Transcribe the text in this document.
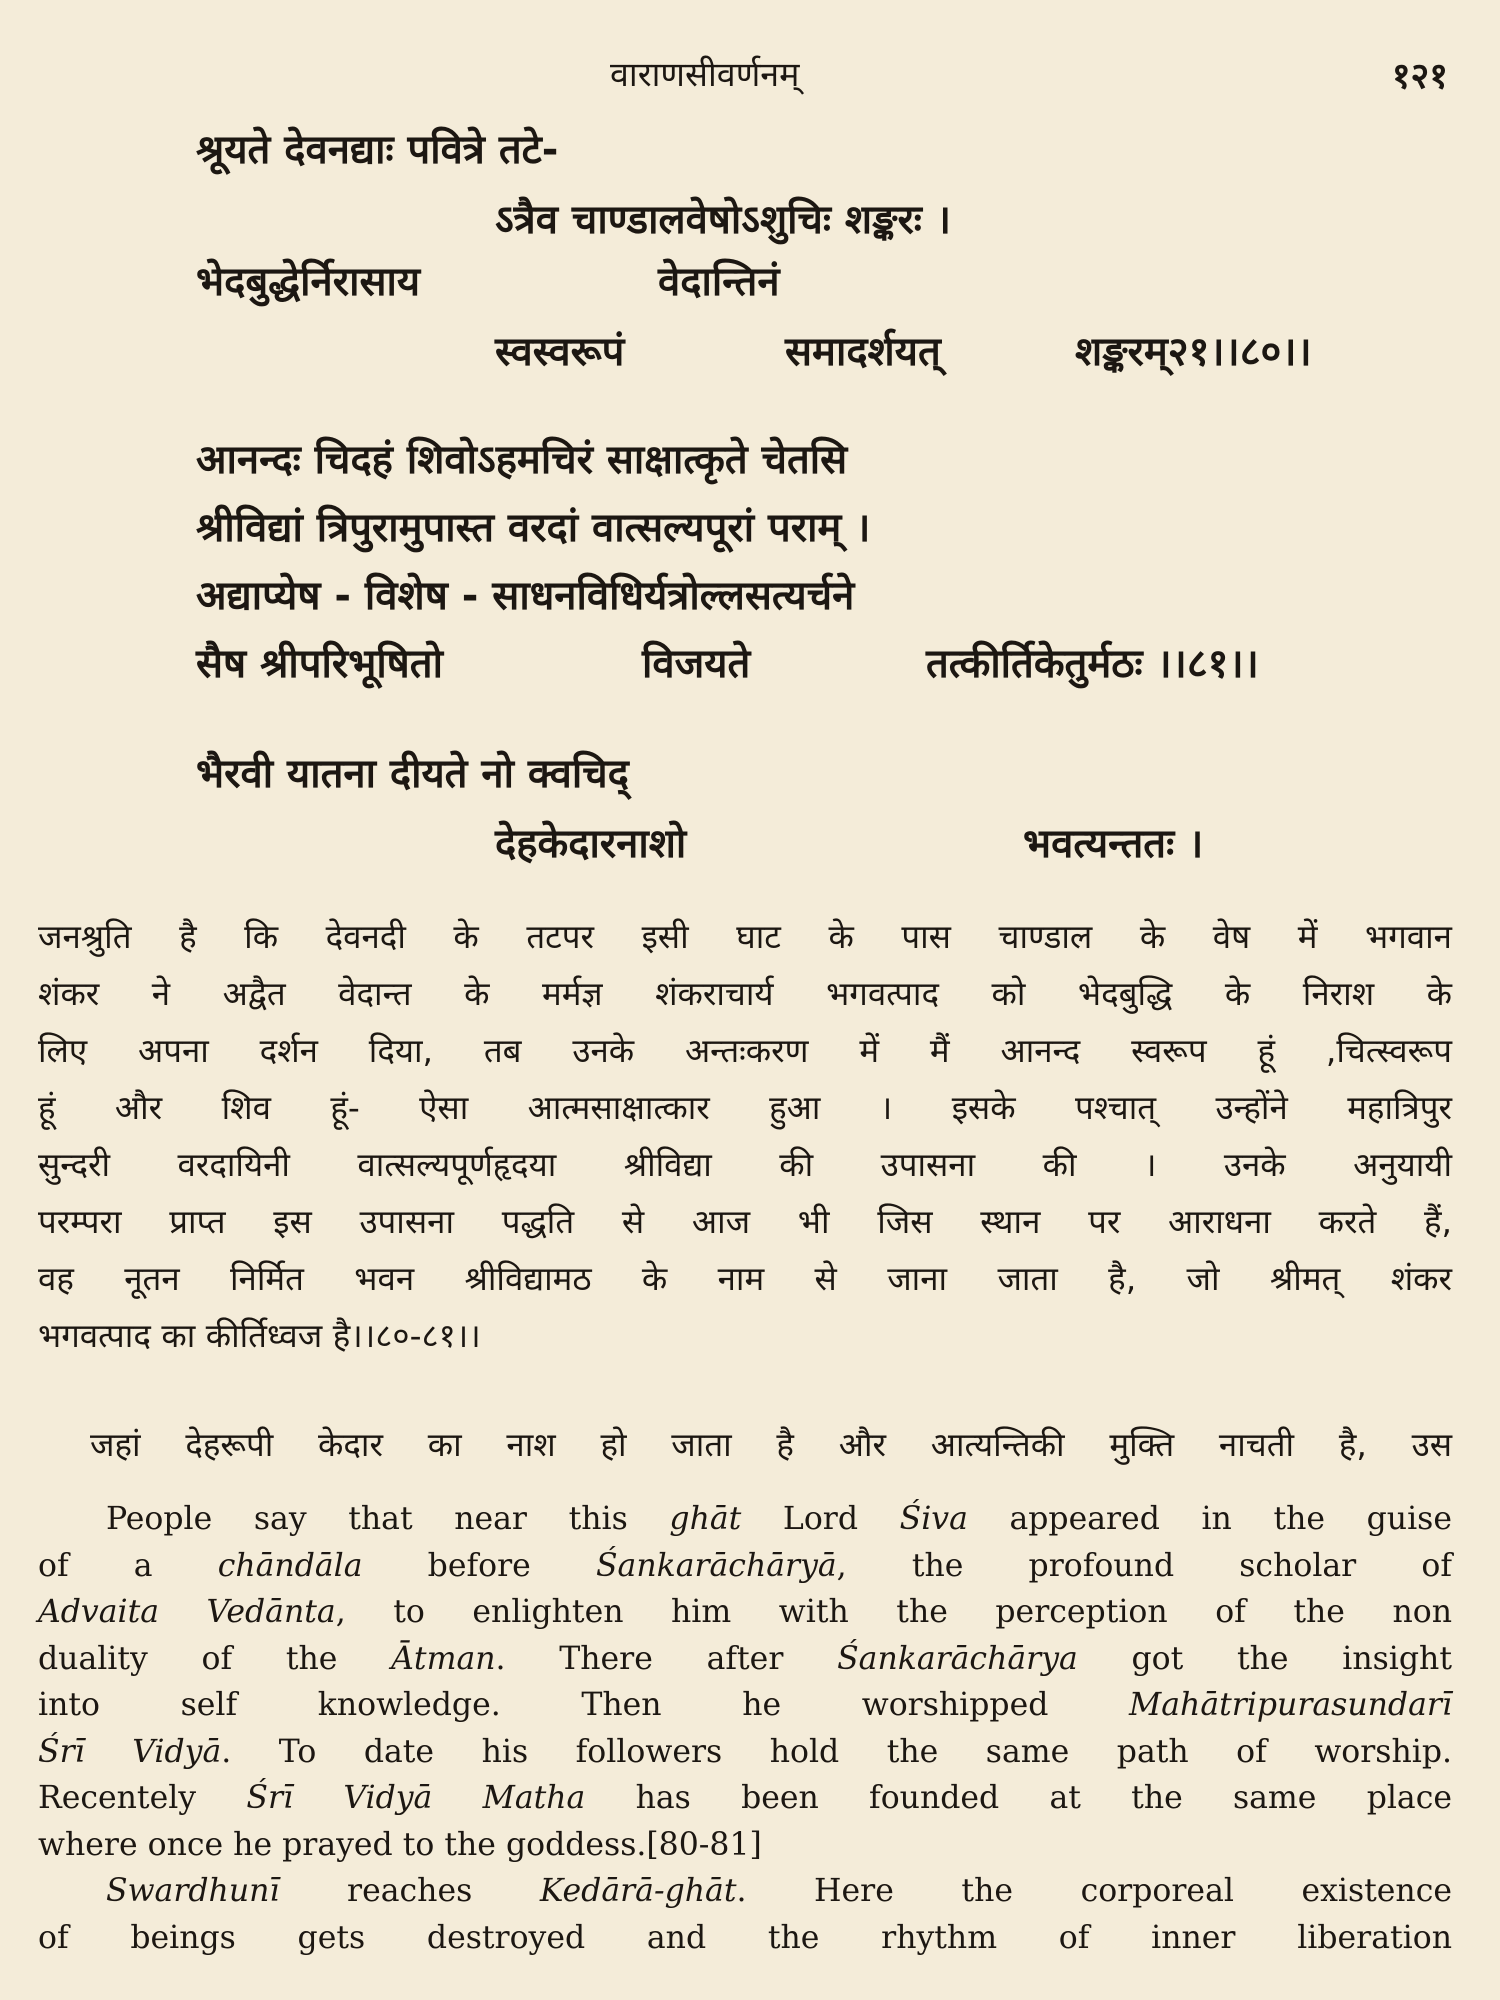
वाराणसीवर्णनम्	१२१
श्रूयते देवनद्याः पवित्रे तटे-
ऽत्रैव चाण्डालवेषोऽशुचिः शङ्करः ।
भेदबुद्धेर्निरासाय	वेदान्तिनं
स्वस्वरूपं	समादर्शयत्	शङ्करम्२१।।८०।।
आनन्दः चिदहं शिवोऽहमचिरं साक्षात्कृते चेतसि
श्रीविद्यां त्रिपुरामुपास्त वरदां वात्सल्यपूरां पराम् ।
अद्याप्येष - विशेष - साधनविधिर्यत्रोल्लसत्यर्चने
सैष श्रीपरिभूषितो	विजयते	तत्कीर्तिकेतुर्मठः ।।८१।।
भैरवी यातना दीयते नो क्वचिद्
देहकेदारनाशो	भवत्यन्ततः ।
जनश्रुति है कि देवनदी के तटपर इसी घाट के पास चाण्डाल के वेष में भगवान
शंकर ने अद्वैत वेदान्त के मर्मज्ञ शंकराचार्य भगवत्पाद को भेदबुद्धि के निराश के
लिए अपना दर्शन दिया, तब उनके अन्तःकरण में मैं आनन्द स्वरूप हूं ,चित्स्वरूप
हूं और शिव हूं- ऐसा आत्मसाक्षात्कार हुआ । इसके पश्चात् उन्होंने महात्रिपुर
सुन्दरी वरदायिनी वात्सल्यपूर्णहृदया श्रीविद्या की उपासना की । उनके अनुयायी
परम्परा प्राप्त इस उपासना पद्धति से आज भी जिस स्थान पर आराधना करते हैं,
वह नूतन निर्मित भवन श्रीविद्यामठ के नाम से जाना जाता है, जो श्रीमत् शंकर
भगवत्पाद का कीर्तिध्वज है।।८०-८१।।
जहां देहरूपी केदार का नाश हो जाता है और आत्यन्तिकी मुक्ति नाचती है, उस
People say that near this ghāt Lord Śiva appeared in the guise
of a chāndāla before Śankarāchāryā, the profound scholar of
Advaita Vedānta, to enlighten him with the perception of the non
duality of the Ātman. There after Śankarāchārya got the insight
into self knowledge. Then he worshipped Mahātripurasundarī
Śrī Vidyā. To date his followers hold the same path of worship.
Recentely Śrī Vidyā Matha has been founded at the same place
where once he prayed to the goddess.[80-81]
Swardhunī reaches Kedārā-ghāt. Here the corporeal existence
of beings gets destroyed and the rhythm of inner liberation
